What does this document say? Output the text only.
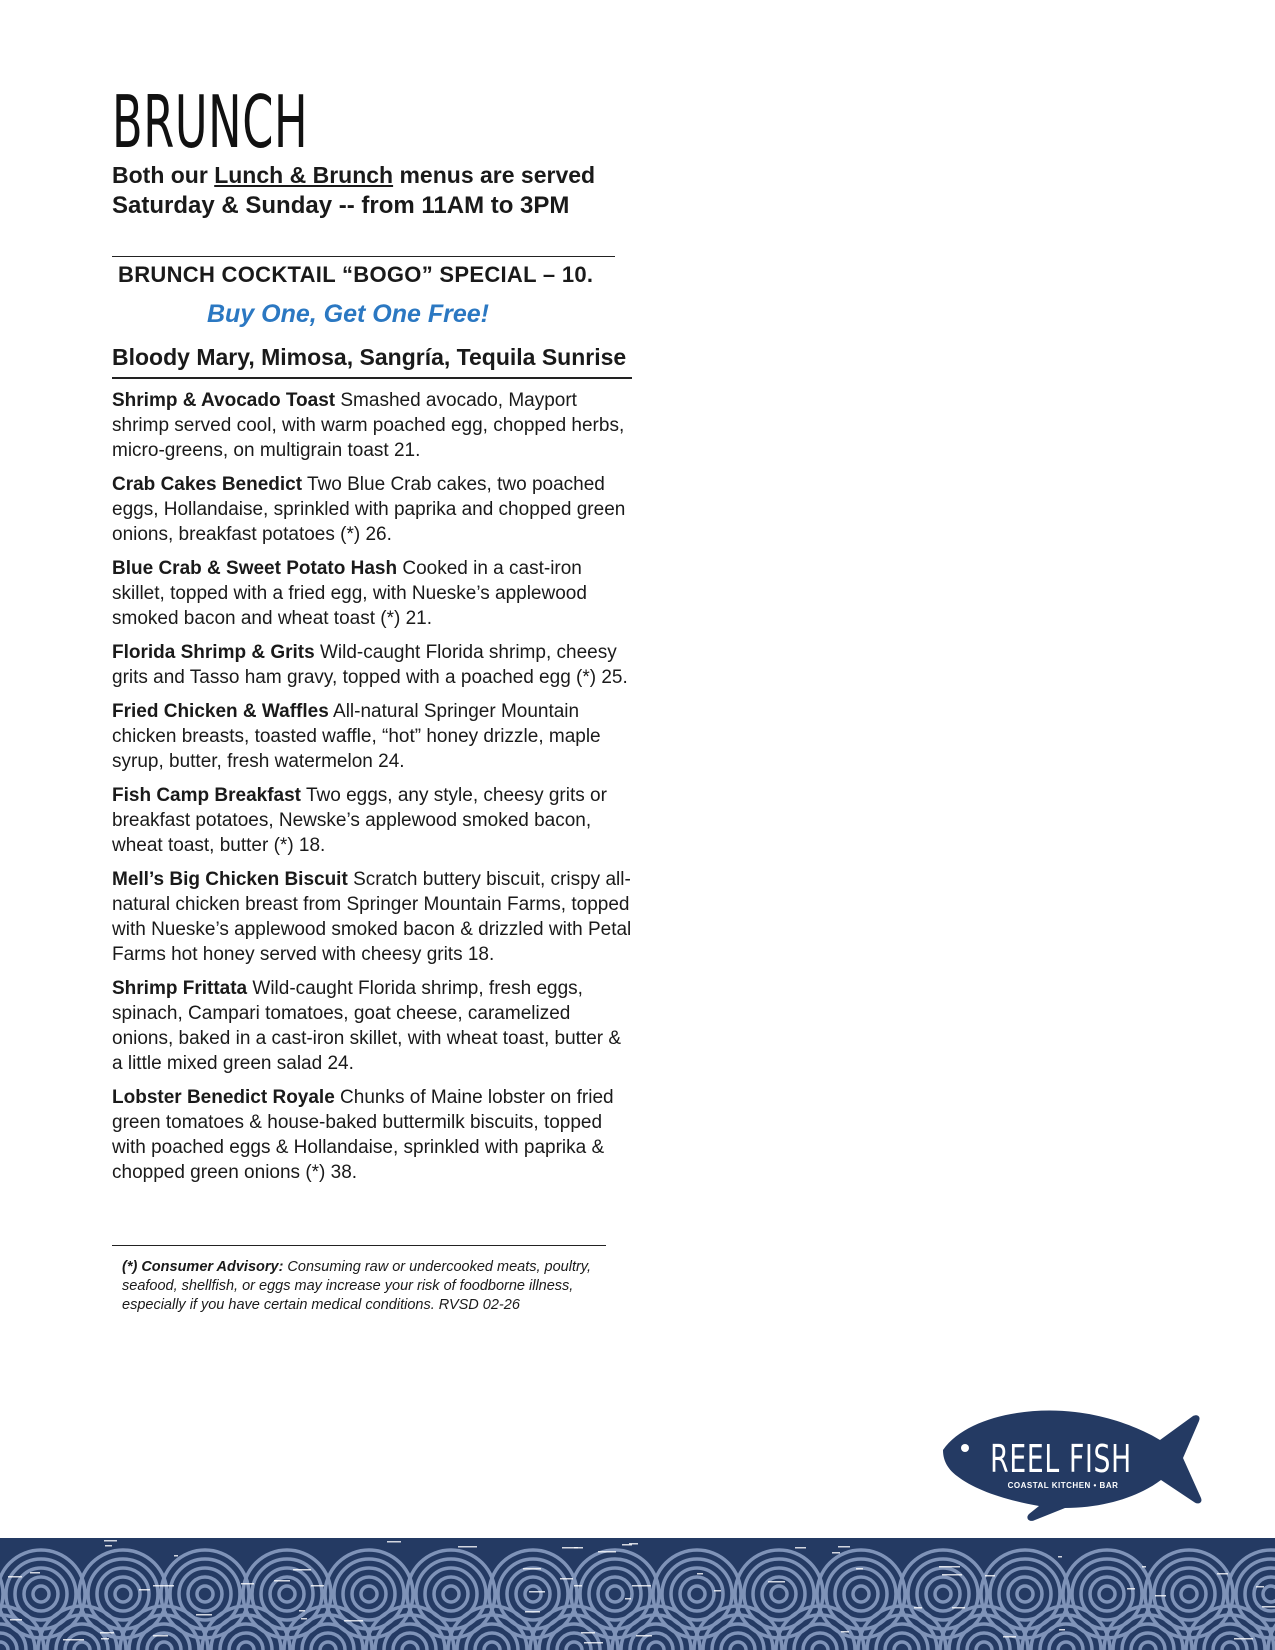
BRUNCH
Both our Lunch & Brunch menus are served
Saturday & Sunday -- from 11AM to 3PM
BRUNCH COCKTAIL “BOGO” SPECIAL – 10.
Buy One, Get One Free!
Bloody Mary, Mimosa, Sangría, Tequila Sunrise
Shrimp & Avocado Toast Smashed avocado, Mayport shrimp served cool, with warm poached egg, chopped herbs, micro-greens, on multigrain toast 21.
Crab Cakes Benedict Two Blue Crab cakes, two poached eggs, Hollandaise, sprinkled with paprika and chopped green onions, breakfast potatoes (*) 26.
Blue Crab & Sweet Potato Hash Cooked in a cast-iron skillet, topped with a fried egg, with Nueske’s applewood smoked bacon and wheat toast (*) 21.
Florida Shrimp & Grits Wild-caught Florida shrimp, cheesy grits and Tasso ham gravy, topped with a poached egg (*) 25.
Fried Chicken & Waffles All-natural Springer Mountain chicken breasts, toasted waffle, “hot” honey drizzle, maple syrup, butter, fresh watermelon 24.
Fish Camp Breakfast Two eggs, any style, cheesy grits or breakfast potatoes, Newske’s applewood smoked bacon, wheat toast, butter (*) 18.
Mell’s Big Chicken Biscuit Scratch buttery biscuit, crispy all-natural chicken breast from Springer Mountain Farms, topped with Nueske’s applewood smoked bacon & drizzled with Petal Farms hot honey served with cheesy grits 18.
Shrimp Frittata Wild-caught Florida shrimp, fresh eggs, spinach, Campari tomatoes, goat cheese, caramelized onions, baked in a cast-iron skillet, with wheat toast, butter & a little mixed green salad 24.
Lobster Benedict Royale Chunks of Maine lobster on fried green tomatoes & house-baked buttermilk biscuits, topped with poached eggs & Hollandaise, sprinkled with paprika & chopped green onions (*) 38.
(*) Consumer Advisory: Consuming raw or undercooked meats, poultry, seafood, shellfish, or eggs may increase your risk of foodborne illness, especially if you have certain medical conditions. RVSD 02-26
REEL FISH
COASTAL KITCHEN • BAR
